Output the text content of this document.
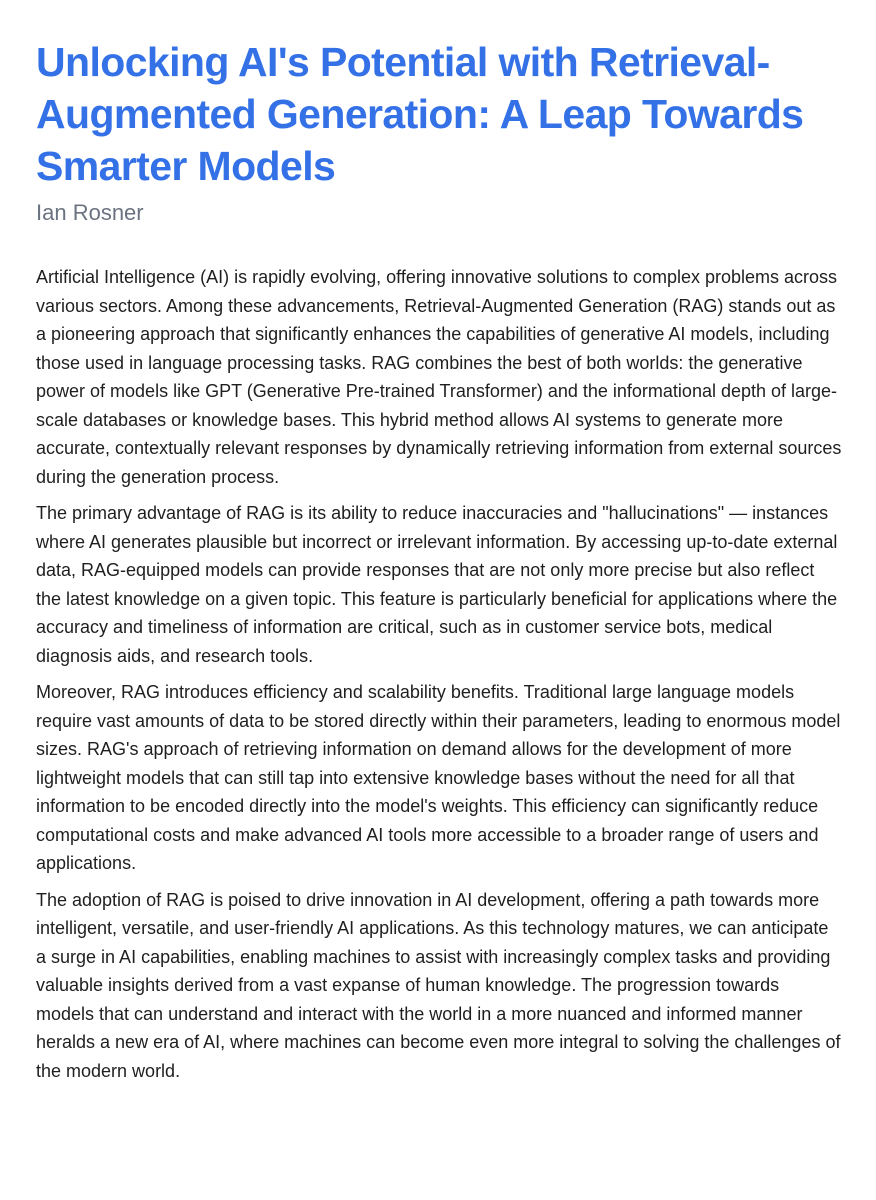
Unlocking AI's Potential with Retrieval-Augmented Generation: A Leap Towards Smarter Models
Ian Rosner

Artificial Intelligence (AI) is rapidly evolving, offering innovative solutions to complex problems across various sectors. Among these advancements, Retrieval-Augmented Generation (RAG) stands out as a pioneering approach that significantly enhances the capabilities of generative AI models, including those used in language processing tasks. RAG combines the best of both worlds: the generative power of models like GPT (Generative Pre-trained Transformer) and the informational depth of large-scale databases or knowledge bases. This hybrid method allows AI systems to generate more accurate, contextually relevant responses by dynamically retrieving information from external sources during the generation process.

The primary advantage of RAG is its ability to reduce inaccuracies and "hallucinations" — instances where AI generates plausible but incorrect or irrelevant information. By accessing up-to-date external data, RAG-equipped models can provide responses that are not only more precise but also reflect the latest knowledge on a given topic. This feature is particularly beneficial for applications where the accuracy and timeliness of information are critical, such as in customer service bots, medical diagnosis aids, and research tools.

Moreover, RAG introduces efficiency and scalability benefits. Traditional large language models require vast amounts of data to be stored directly within their parameters, leading to enormous model sizes. RAG's approach of retrieving information on demand allows for the development of more lightweight models that can still tap into extensive knowledge bases without the need for all that information to be encoded directly into the model's weights. This efficiency can significantly reduce computational costs and make advanced AI tools more accessible to a broader range of users and applications.

The adoption of RAG is poised to drive innovation in AI development, offering a path towards more intelligent, versatile, and user-friendly AI applications. As this technology matures, we can anticipate a surge in AI capabilities, enabling machines to assist with increasingly complex tasks and providing valuable insights derived from a vast expanse of human knowledge. The progression towards models that can understand and interact with the world in a more nuanced and informed manner heralds a new era of AI, where machines can become even more integral to solving the challenges of the modern world.
